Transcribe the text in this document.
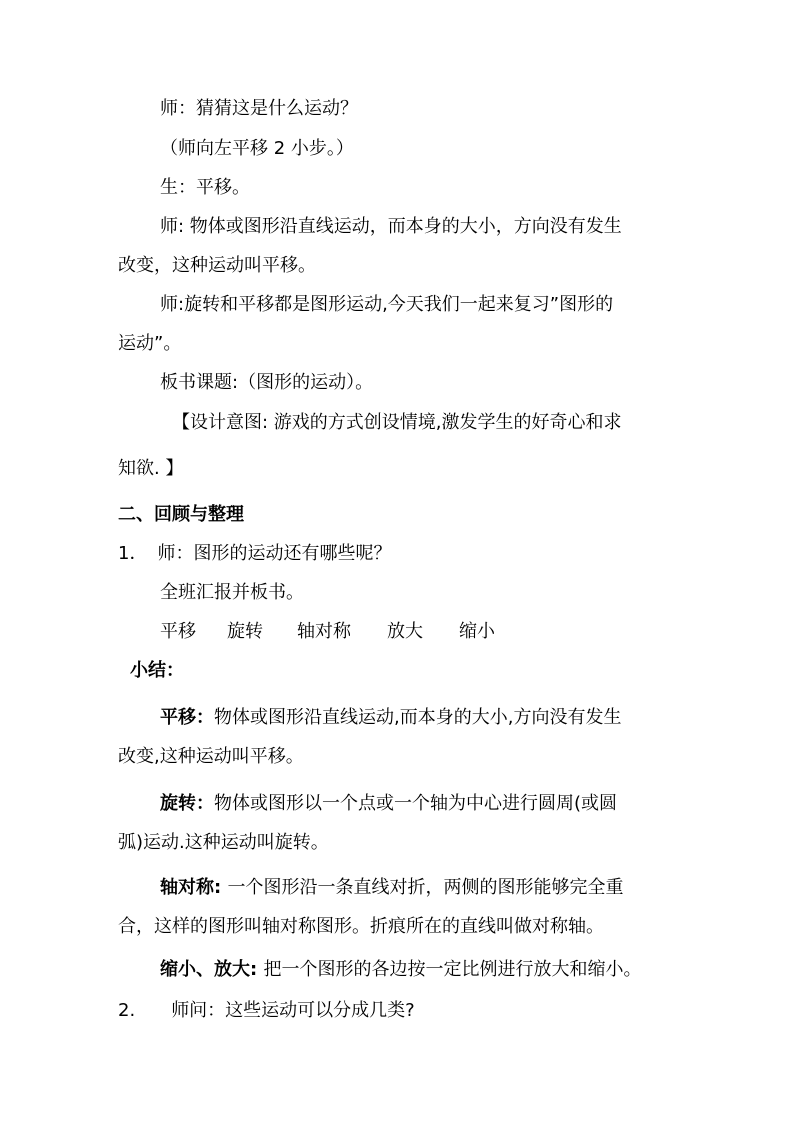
师：猜猜这是什么运动？
（师向左平移 2 小步。）
生：平移。
师: 物体或图形沿直线运动，而本身的大小，方向没有发生
改变，这种运动叫平移。
师:旋转和平移都是图形运动,今天我们一起来复习”图形的
运动”。
板书课题:（图形的运动）。
【设计意图: 游戏的方式创设情境,激发学生的好奇心和求
知欲. 】
二、回顾与整理
1． 师：图形的运动还有哪些呢？
全班汇报并板书。
平移 旋转 轴对称 放大 缩小
小结：
平移：物体或图形沿直线运动,而本身的大小,方向没有发生
改变,这种运动叫平移。
旋转：物体或图形以一个点或一个轴为中心进行圆周(或圆
弧)运动.这种运动叫旋转。
轴对称: 一个图形沿一条直线对折，两侧的图形能够完全重
合，这样的图形叫轴对称图形。折痕所在的直线叫做对称轴。
缩小、放大: 把一个图形的各边按一定比例进行放大和缩小。
2. 师问：这些运动可以分成几类?
